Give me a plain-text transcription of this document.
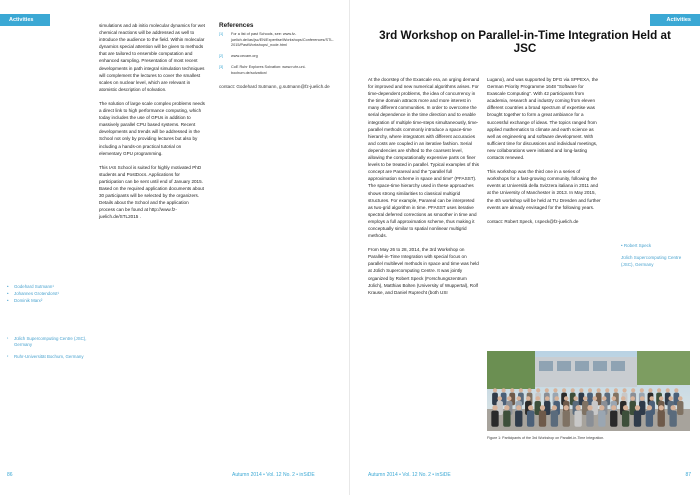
Activities
•	Godehard Sutmann¹
•	Johannes Grotendorst¹
•	Dominik Marx²
¹	Jülich Supercomputing Centre (JSC), Germany
²	Ruhr-Universität Bochum, Germany

simulations and ab initio molecular dynamics for wet chemical reactions will be addressed as well to introduce the audience to the field. Within molecular dynamics special attention will be given to methods that are tailored to ensemble computation and enhanced sampling. Presentation of most recent developments in path integral simulation techniques will complement the lectures to cover the smallest scales on nuclear level, which are relevant in atomistic description of solvation.

The solution of large scale complex problems needs a direct link to high performance computing, which today includes the use of GPUs in addition to massively parallel CPU based systems. Recent developments and trends will be addressed in the School not only by providing lectures but also by including a hands-on practical tutorial on elementary GPU programming.

This IAS School is suited for highly motivated PhD students and PostDocs. Applications for participation can be sent until end of January 2015. Based on the required application documents about 30 participants will be selected by the organizers. Details about the School and the application process can be found at http://www.fz-juelich.de/STL2015 .

References
[1]	For a list of past Schools, see: www.fz-juelich.de/ias/jsc/EN/Expertise/Workshops/Conferences/STL-2015/PastWorkshops/_node.html
[2]	www.cecam.org
[3]	CoE Ruhr Explores Solvation: www.ruhr-uni-bochum.de/solvation/
contact: Godehard Sutmann, g.sutmann@fz-juelich.de
86	Autumn 2014 • Vol. 12 No. 2 • inSiDE
Activities
3rd Workshop on Parallel-in-Time Integration Held at JSC

At the doorstep of the Exascale era, an urging demand for improved and new numerical algorithms arises. For time-dependent problems, the idea of concurrency in the time domain attracts more and more interest in many different communities. In order to overcome the serial dependence in the time direction and to enable integration of multiple time-steps simultaneously, time-parallel methods commonly introduce a space-time hierarchy, where integrators with different accuracies and costs are coupled in an iterative fashion. Serial dependencies are shifted to the coarsest level, allowing the computationally expensive parts on finer levels to be treated in parallel. Typical examples of this concept are Parareal and the "parallel full approximation scheme in space and time" (PFASST). The space-time hierarchy used in these approaches shows strong similarities to classical multigrid structures. For example, Parareal can be interpreted as two-grid algorithm in time. PFASST uses iterative spectral deferred corrections as smoother in time and employs a full approximation scheme, thus making it conceptually similar to spatial nonlinear multigrid methods.

From May 26 to 28, 2014, the 3rd Workshop on Parallel-in-Time Integration with special focus on parallel multilevel methods in space and time was held at Jülich Supercomputing Centre. It was jointly organized by Robert Speck (Forschungszentrum Jülich), Matthias Bolten (University of Wuppertal), Rolf Krause, and Daniel Ruprecht (both USI

Lugano), and was supported by DFG via SPPEXA, the German Priority Programme 1648 "Software for Exascale Computing". With 42 participants from academia, research and industry coming from eleven different countries a broad spectrum of expertise was brought together to form a great ambiance for a successful exchange of ideas. The topics ranged from applied mathematics to climate and earth science as well as engineering and software development. With sufficient time for discussions and individual meetings, new collaborations were initiated and long-lasting contacts renewed.

This workshop was the third one in a series of workshops for a fast-growing community, following the events at Università della Svizzera italiana in 2011 and at the University of Manchester in 2013. In May 2015, the 4th workshop will be held at TU Dresden and further events are already envisaged for the following years.

contact: Robert Speck, r.speck@fz-juelich.de

• Robert Speck
Jülich Supercomputing Centre (JSC), Germany
Figure 1: Participants of the 3rd Workshop on Parallel-in-Time Integration.
Autumn 2014 • Vol. 12 No. 2 • inSiDE	87
